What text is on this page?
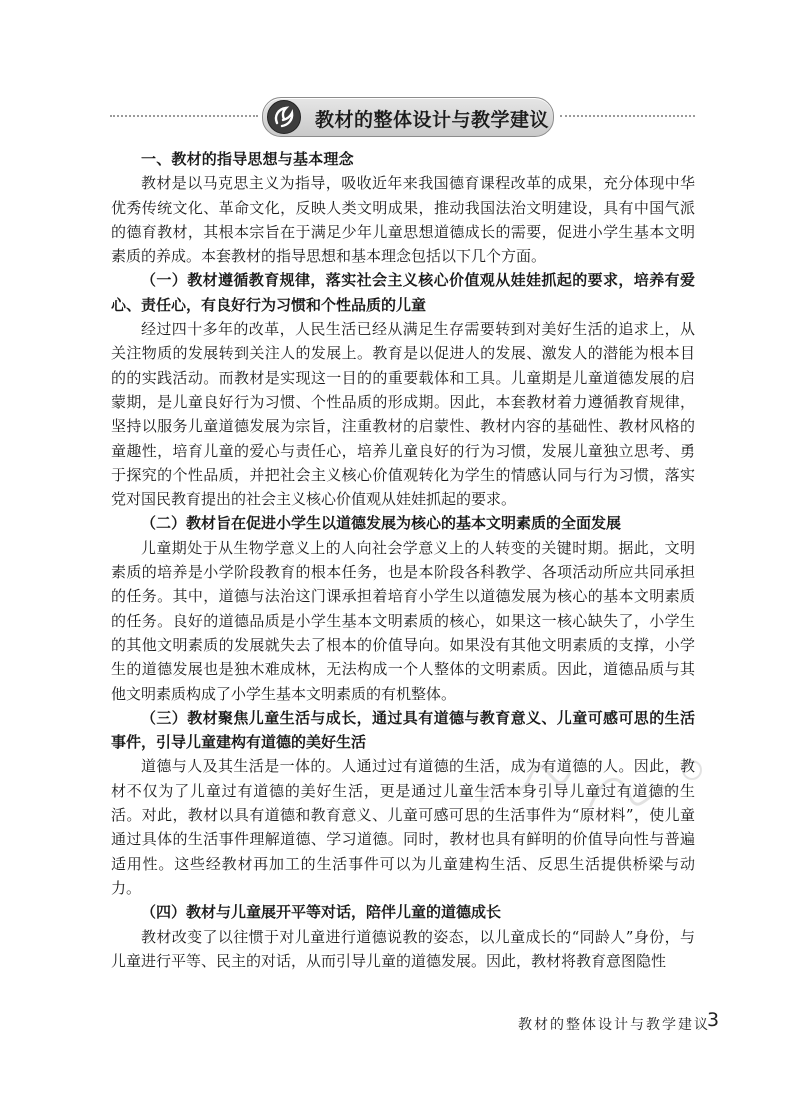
教材的整体设计与教学建议

一、教材的指导思想与基本理念

教材是以马克思主义为指导，吸收近年来我国德育课程改革的成果，充分体现中华优秀传统文化、革命文化，反映人类文明成果，推动我国法治文明建设，具有中国气派的德育教材，其根本宗旨在于满足少年儿童思想道德成长的需要，促进小学生基本文明素质的养成。本套教材的指导思想和基本理念包括以下几个方面。

（一）教材遵循教育规律，落实社会主义核心价值观从娃娃抓起的要求，培养有爱心、责任心，有良好行为习惯和个性品质的儿童

经过四十多年的改革，人民生活已经从满足生存需要转到对美好生活的追求上，从关注物质的发展转到关注人的发展上。教育是以促进人的发展、激发人的潜能为根本目的的实践活动。而教材是实现这一目的的重要载体和工具。儿童期是儿童道德发展的启蒙期，是儿童良好行为习惯、个性品质的形成期。因此，本套教材着力遵循教育规律，坚持以服务儿童道德发展为宗旨，注重教材的启蒙性、教材内容的基础性、教材风格的童趣性，培育儿童的爱心与责任心，培养儿童良好的行为习惯，发展儿童独立思考、勇于探究的个性品质，并把社会主义核心价值观转化为学生的情感认同与行为习惯，落实党对国民教育提出的社会主义核心价值观从娃娃抓起的要求。

（二）教材旨在促进小学生以道德发展为核心的基本文明素质的全面发展

儿童期处于从生物学意义上的人向社会学意义上的人转变的关键时期。据此，文明素质的培养是小学阶段教育的根本任务，也是本阶段各科教学、各项活动所应共同承担的任务。其中，道德与法治这门课承担着培育小学生以道德发展为核心的基本文明素质的任务。良好的道德品质是小学生基本文明素质的核心，如果这一核心缺失了，小学生的其他文明素质的发展就失去了根本的价值导向。如果没有其他文明素质的支撑，小学生的道德发展也是独木难成林，无法构成一个人整体的文明素质。因此，道德品质与其他文明素质构成了小学生基本文明素质的有机整体。

（三）教材聚焦儿童生活与成长，通过具有道德与教育意义、儿童可感可思的生活事件，引导儿童建构有道德的美好生活

道德与人及其生活是一体的。人通过过有道德的生活，成为有道德的人。因此，教材不仅为了儿童过有道德的美好生活，更是通过儿童生活本身引导儿童过有道德的生活。对此，教材以具有道德和教育意义、儿童可感可思的生活事件为“原材料”，使儿童通过具体的生活事件理解道德、学习道德。同时，教材也具有鲜明的价值导向性与普遍适用性。这些经教材再加工的生活事件可以为儿童建构生活、反思生活提供桥梁与动力。

（四）教材与儿童展开平等对话，陪伴儿童的道德成长

教材改变了以往惯于对儿童进行道德说教的姿态，以儿童成长的“同龄人”身份，与儿童进行平等、民主的对话，从而引导儿童的道德发展。因此，教材将教育意图隐性

教材的整体设计与教学建议
3
